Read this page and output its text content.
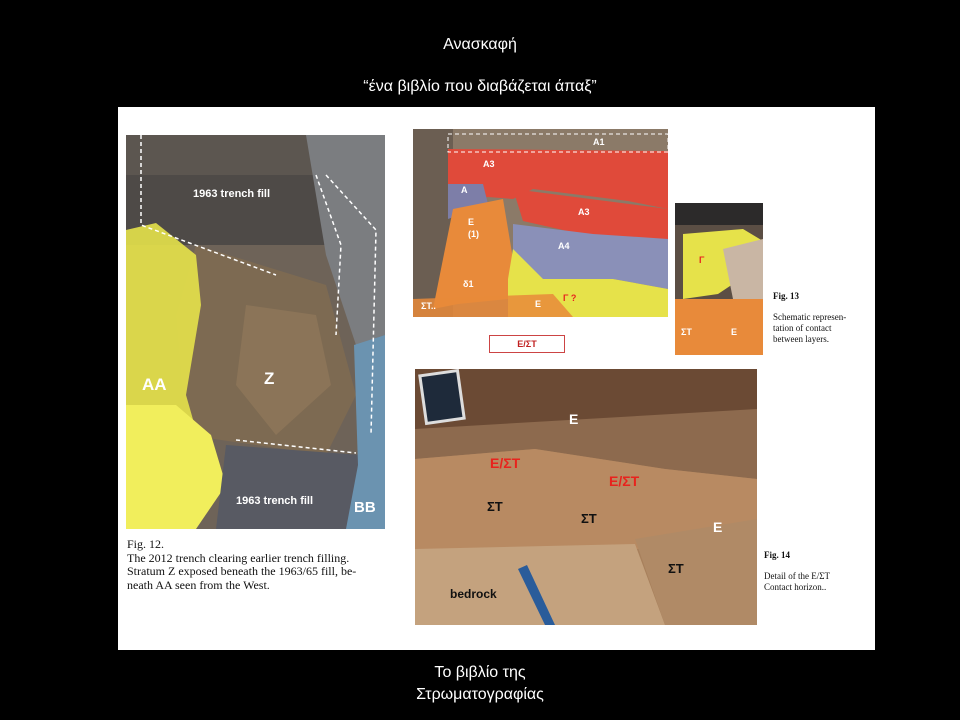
Ανασκαφή
“ένα βιβλίο που διαβάζεται άπαξ”
1963 trench fill
AA	Z
1963 trench fill	BB
Fig. 12.
The 2012 trench clearing earlier trench filling.
Stratum Z exposed beneath the 1963/65 fill, be-
neath AA seen from the West.
A1
A3
A
A3
E
(1)
A4
δ1
ΣΤ..	E
Γ ?
Γ
ΣΤ	E
Ε/ΣΤ
Fig. 13
Schematic represen-
tation of contact
between layers.
E
Ε/ΣΤ
Ε/ΣΤ
ΣΤ
ΣΤ
E
ΣΤ
bedrock
Fig. 14
Detail of the Ε/ΣΤ
Contact horizon..
Το βιβλίο της
Στρωματογραφίας
